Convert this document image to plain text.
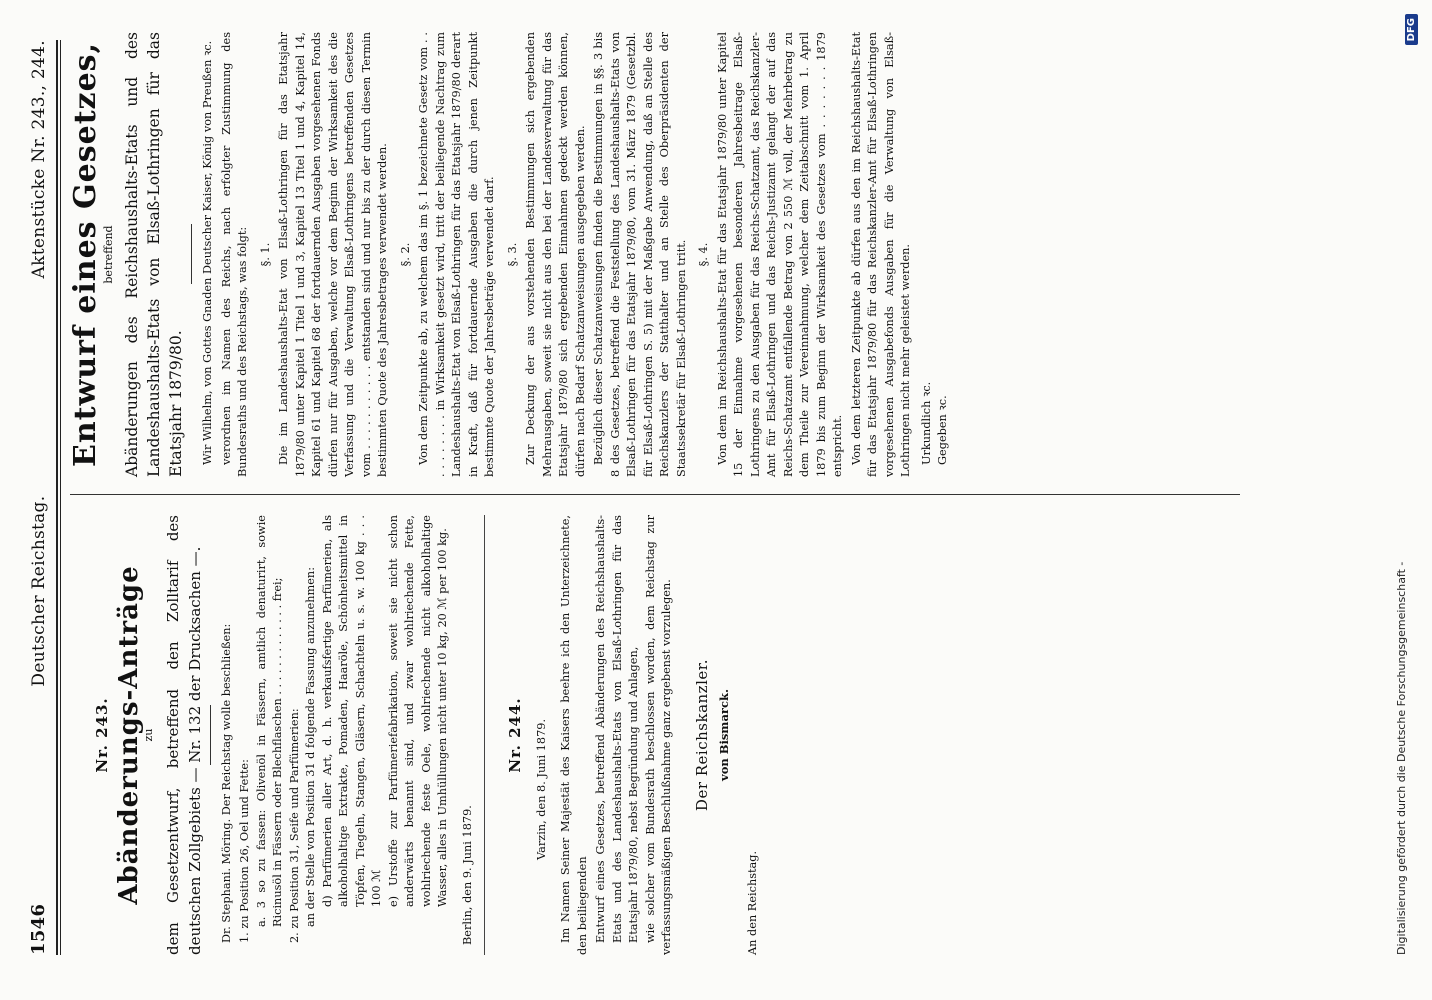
1546
Deutscher Reichstag.
Aktenstücke Nr. 243., 244.
Nr. 243. Abänderungs-Anträge
zu dem Gesetzentwurf, betreffend den Zolltarif des deutschen Zollgebiets — Nr. 132 der Drucksachen —. Dr. Stephani. Möring. Der Reichstag wolle beschließen: 1. zu Position 26, Oel und Fette: a. 3 so zu fassen: Olivenöl in Fässern, amtlich denaturirt, sowie Ricinusöl in Fässern oder Blechflaschen . . . . . . . . . . . . . frei; 2. zu Position 31, Seife und Parfümerien: an der Stelle von Position 31 d folgende Fassung anzunehmen: d) Parfümerien aller Art, d. h. verkaufsfertige Parfümerien, als alkoholhaltige Extrakte, Pomaden, Haaröle, Schönheitsmittel in Töpfen, Tiegeln, Stangen, Gläsern, Schachteln u. s. w. 100 kg . . . 100 ℳ e) Urstoffe zur Parfümeriefabrikation, soweit sie nicht schon anderwärts benannt sind, und zwar wohlriechende Fette, wohlriechende feste Oele, wohlriechende nicht alkoholhaltige Wasser, alles in Umhüllungen nicht unter 10 kg, 20 ℳ per 100 kg. Berlin, den 9. Juni 1879.

Nr. 244. Varzin, den 8. Juni 1879. Im Namen Seiner Majestät des Kaisers beehre ich den Unterzeichnete, den beiliegenden Entwurf eines Gesetzes, betreffend Abänderungen des Reichshaushalts-Etats und des Landeshaushalts-Etats von Elsaß-Lothringen für das Etatsjahr 1879/80, nebst Begründung und Anlagen, wie solcher vom Bundesrath beschlossen worden, dem Reichstag zur verfassungsmäßigen Beschlußnahme ganz ergebenst vorzulegen. Der Reichskanzler. von Bismarck.

An den Reichstag.

Entwurf eines Gesetzes,
betreffend Abänderungen des Reichshaushalts-Etats und des Landeshaushalts-Etats von Elsaß-Lothringen für das Etatsjahr 1879/80. Wir Wilhelm, von Gottes Gnaden Deutscher Kaiser, König von Preußen ꝛc. verordnen im Namen des Reichs, nach erfolgter Zustimmung des Bundesraths und des Reichstags, was folgt: §. 1. Die im Landeshaushalts-Etat von Elsaß-Lothringen für das Etatsjahr 1879/80 unter Kapitel 1 Titel 1 und 3, Kapitel 13 Titel 1 und 4, Kapitel 14, Kapitel 61 und Kapitel 68 der fortdauernden Ausgaben vorgesehenen Fonds dürfen nur für Ausgaben, welche vor dem Beginn der Wirksamkeit des die Verfassung und die Verwaltung Elsaß-Lothringens betreffenden Gesetzes vom . . . . . . . . . . . entstanden sind und nur bis zu der durch diesen Termin bestimmten Quote des Jahresbetrages verwendet werden. §. 2. Von dem Zeitpunkte ab, zu welchem das im §. 1 bezeichnete Gesetz vom . . . . . . . . . . in Wirksamkeit gesetzt wird, tritt der beiliegende Nachtrag zum Landeshaushalts-Etat von Elsaß-Lothringen für das Etatsjahr 1879/80 derart in Kraft, daß für fortdauernde Ausgaben die durch jenen Zeitpunkt bestimmte Quote der Jahresbeträge verwendet darf. §. 3. Zur Deckung der aus vorstehenden Bestimmungen sich ergebenden Mehrausgaben, soweit sie nicht aus den bei der Landesverwaltung für das Etatsjahr 1879/80 sich ergebenden Einnahmen gedeckt werden können, dürfen nach Bedarf Schatzanweisungen ausgegeben werden. Bezüglich dieser Schatzanweisungen finden die Bestimmungen in §§. 3 bis 8 des Gesetzes, betreffend die Feststellung des Landeshaushalts-Etats von Elsaß-Lothringen für das Etatsjahr 1879/80, vom 31. März 1879 (Gesetzbl. für Elsaß-Lothringen S. 5) mit der Maßgabe Anwendung, daß an Stelle des Reichskanzlers der Statthalter und an Stelle des Oberpräsidenten der Staatssekretär für Elsaß-Lothringen tritt. §. 4. Von dem im Reichshaushalts-Etat für das Etatsjahr 1879/80 unter Kapitel 15 der Einnahme vorgesehenen besonderen Jahresbeitrage Elsaß-Lothringens zu den Ausgaben für das Reichs-Schatzamt, das Reichskanzler-Amt für Elsaß-Lothringen und das Reichs-Justizamt gelangt der auf das Reichs-Schatzamt entfallende Betrag von 2 550 ℳ voll, der Mehrbetrag zu dem Theile zur Vereinnahmung, welcher dem Zeitabschnitt vom 1. April 1879 bis zum Beginn der Wirksamkeit des Gesetzes vom . . . . . . . 1879 entspricht. Von dem letzteren Zeitpunkte ab dürfen aus den im Reichshaushalts-Etat für das Etatsjahr 1879/80 für das Reichskanzler-Amt für Elsaß-Lothringen vorgesehenen Ausgabefonds Ausgaben für die Verwaltung von Elsaß-Lothringen nicht mehr geleistet werden. Urkundlich ꝛc. Gegeben ꝛc.

Digitalisierung gefördert durch die Deutsche Forschungsgemeinschaft -
DFG
